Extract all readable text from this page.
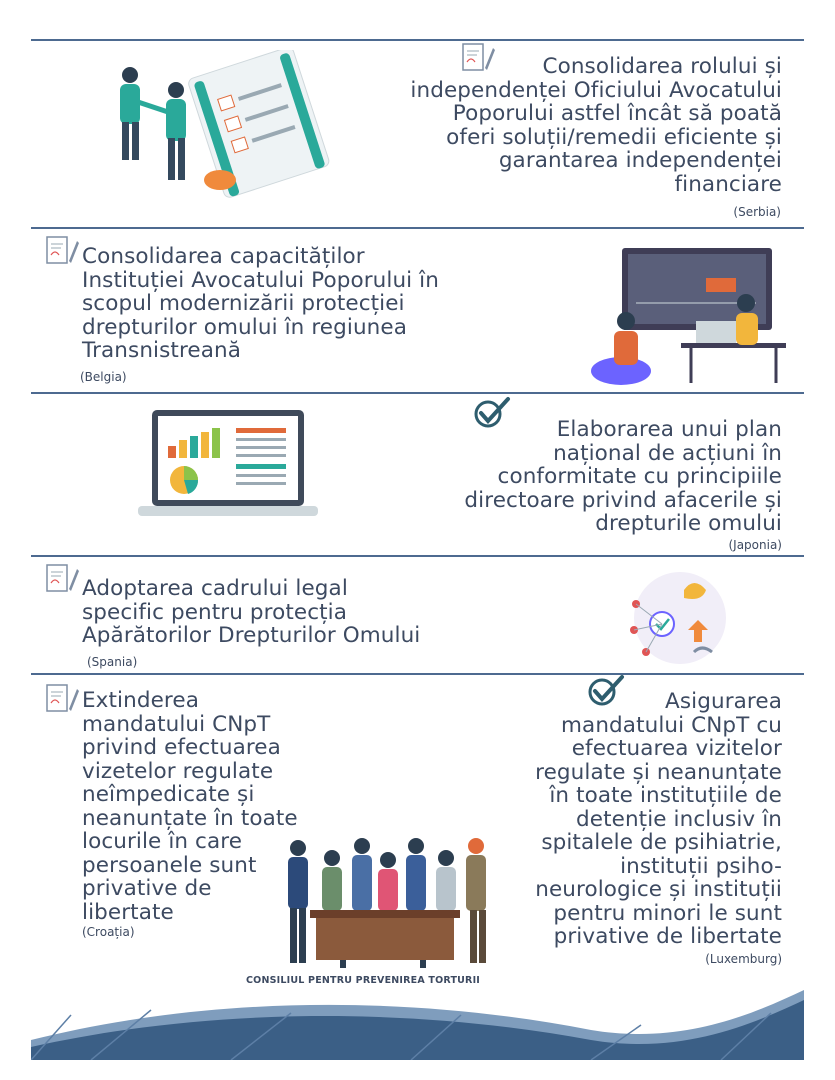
Consolidarea rolului și
independenței Oficiului Avocatului
Poporului astfel încât să poată
oferi soluții/remedii eficiente și
garantarea independenței
financiare
(Serbia)
Consolidarea capacităților
Instituției Avocatului Poporului în
scopul modernizării protecției
drepturilor omului în regiunea
Transnistreană
(Belgia)
Elaborarea unui plan
național de acțiuni în
conformitate cu principiile
directoare privind afacerile și
drepturile omului
(Japonia)
Adoptarea cadrului legal
specific pentru protecția
Apărătorilor Drepturilor Omului
(Spania)
Extinderea
mandatului CNpT
privind efectuarea
vizetelor regulate
neîmpedicate și
neanunțate în toate
locurile în care
persoanele sunt
privative de
libertate
(Croația)
Asigurarea
mandatului CNpT cu
efectuarea vizitelor
regulate și neanunțate
în toate instituțiile de
detenție inclusiv în
spitalele de psihiatrie,
instituții psiho-
neurologice și instituții
pentru minori le sunt
privative de libertate
(Luxemburg)
CONSILIUL PENTRU PREVENIREA TORTURII
